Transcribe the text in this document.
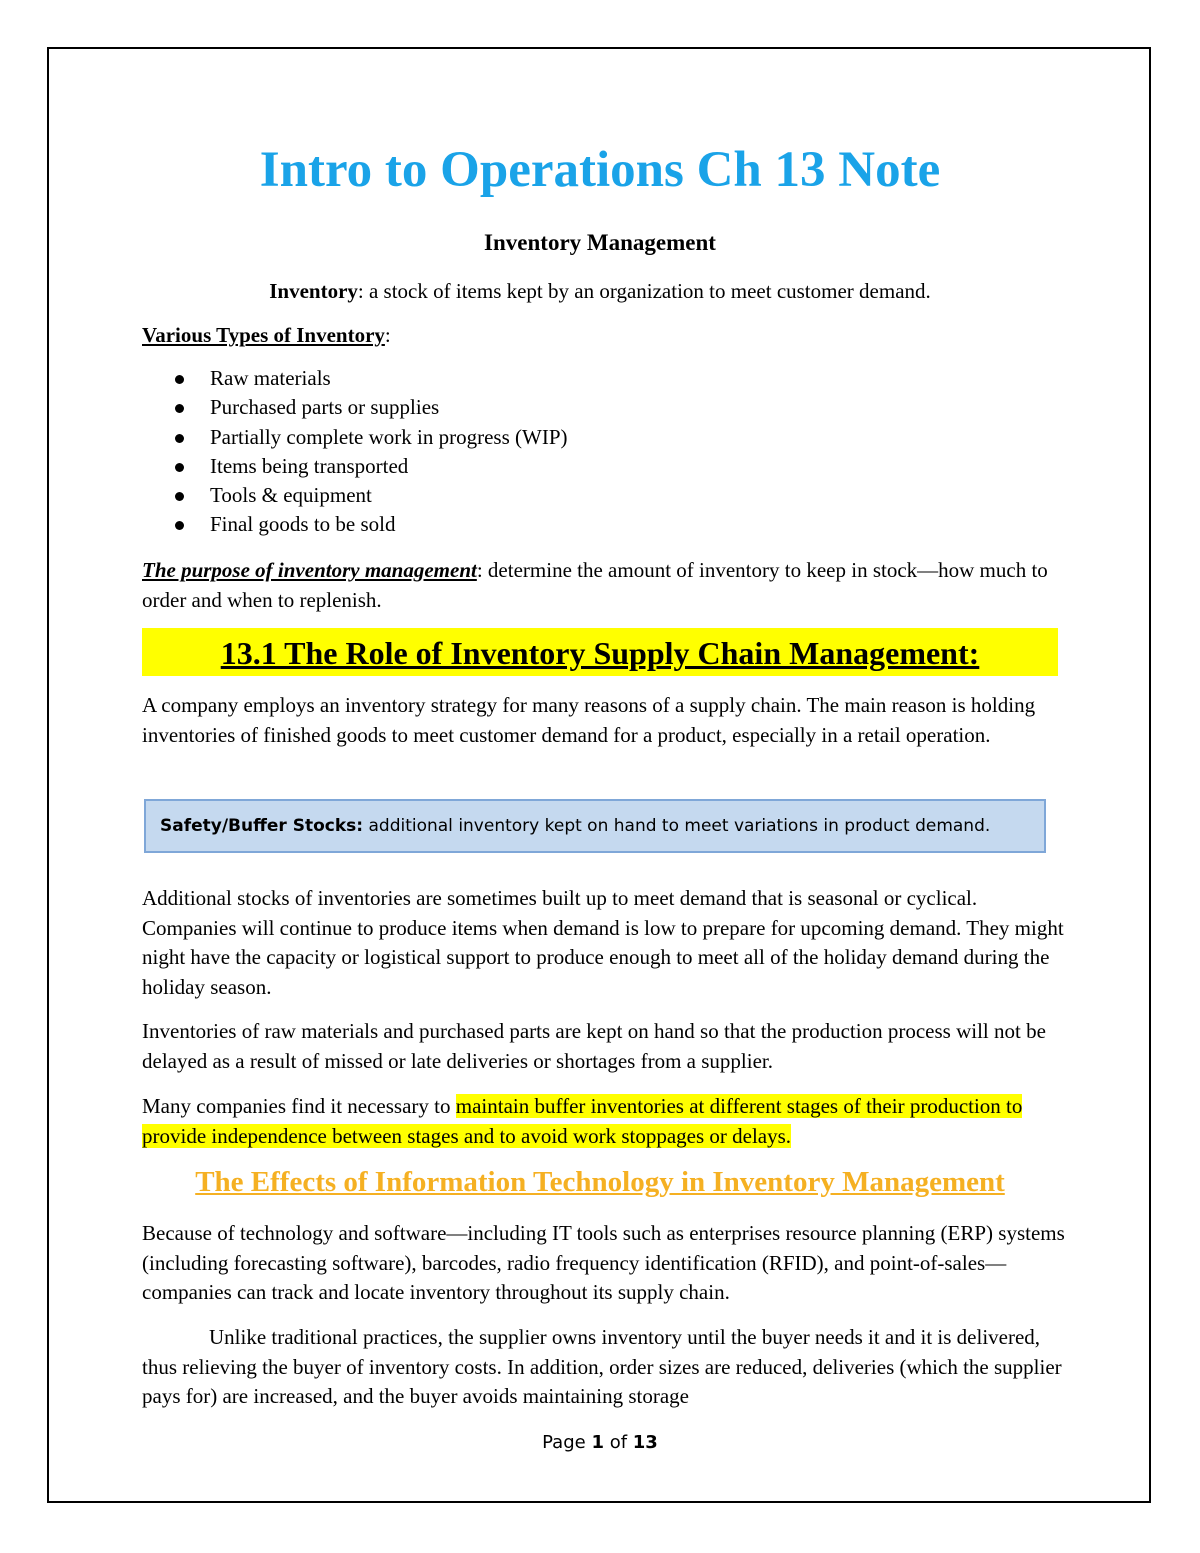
Intro to Operations Ch 13 Note
Inventory Management
Inventory: a stock of items kept by an organization to meet customer demand.
Various Types of Inventory:
Raw materials
Purchased parts or supplies
Partially complete work in progress (WIP)
Items being transported
Tools & equipment
Final goods to be sold
The purpose of inventory management: determine the amount of inventory to keep in stock—how much to order and when to replenish.
13.1 The Role of Inventory Supply Chain Management:
A company employs an inventory strategy for many reasons of a supply chain. The main reason is holding inventories of finished goods to meet customer demand for a product, especially in a retail operation.
Safety/Buffer Stocks: additional inventory kept on hand to meet variations in product demand.
Additional stocks of inventories are sometimes built up to meet demand that is seasonal or cyclical. Companies will continue to produce items when demand is low to prepare for upcoming demand. They might night have the capacity or logistical support to produce enough to meet all of the holiday demand during the holiday season.
Inventories of raw materials and purchased parts are kept on hand so that the production process will not be delayed as a result of missed or late deliveries or shortages from a supplier.
Many companies find it necessary to maintain buffer inventories at different stages of their production to provide independence between stages and to avoid work stoppages or delays.
The Effects of Information Technology in Inventory Management
Because of technology and software—including IT tools such as enterprises resource planning (ERP) systems (including forecasting software), barcodes, radio frequency identification (RFID), and point-of-sales—companies can track and locate inventory throughout its supply chain.
Unlike traditional practices, the supplier owns inventory until the buyer needs it and it is delivered, thus relieving the buyer of inventory costs. In addition, order sizes are reduced, deliveries (which the supplier pays for) are increased, and the buyer avoids maintaining storage
Page 1 of 13
